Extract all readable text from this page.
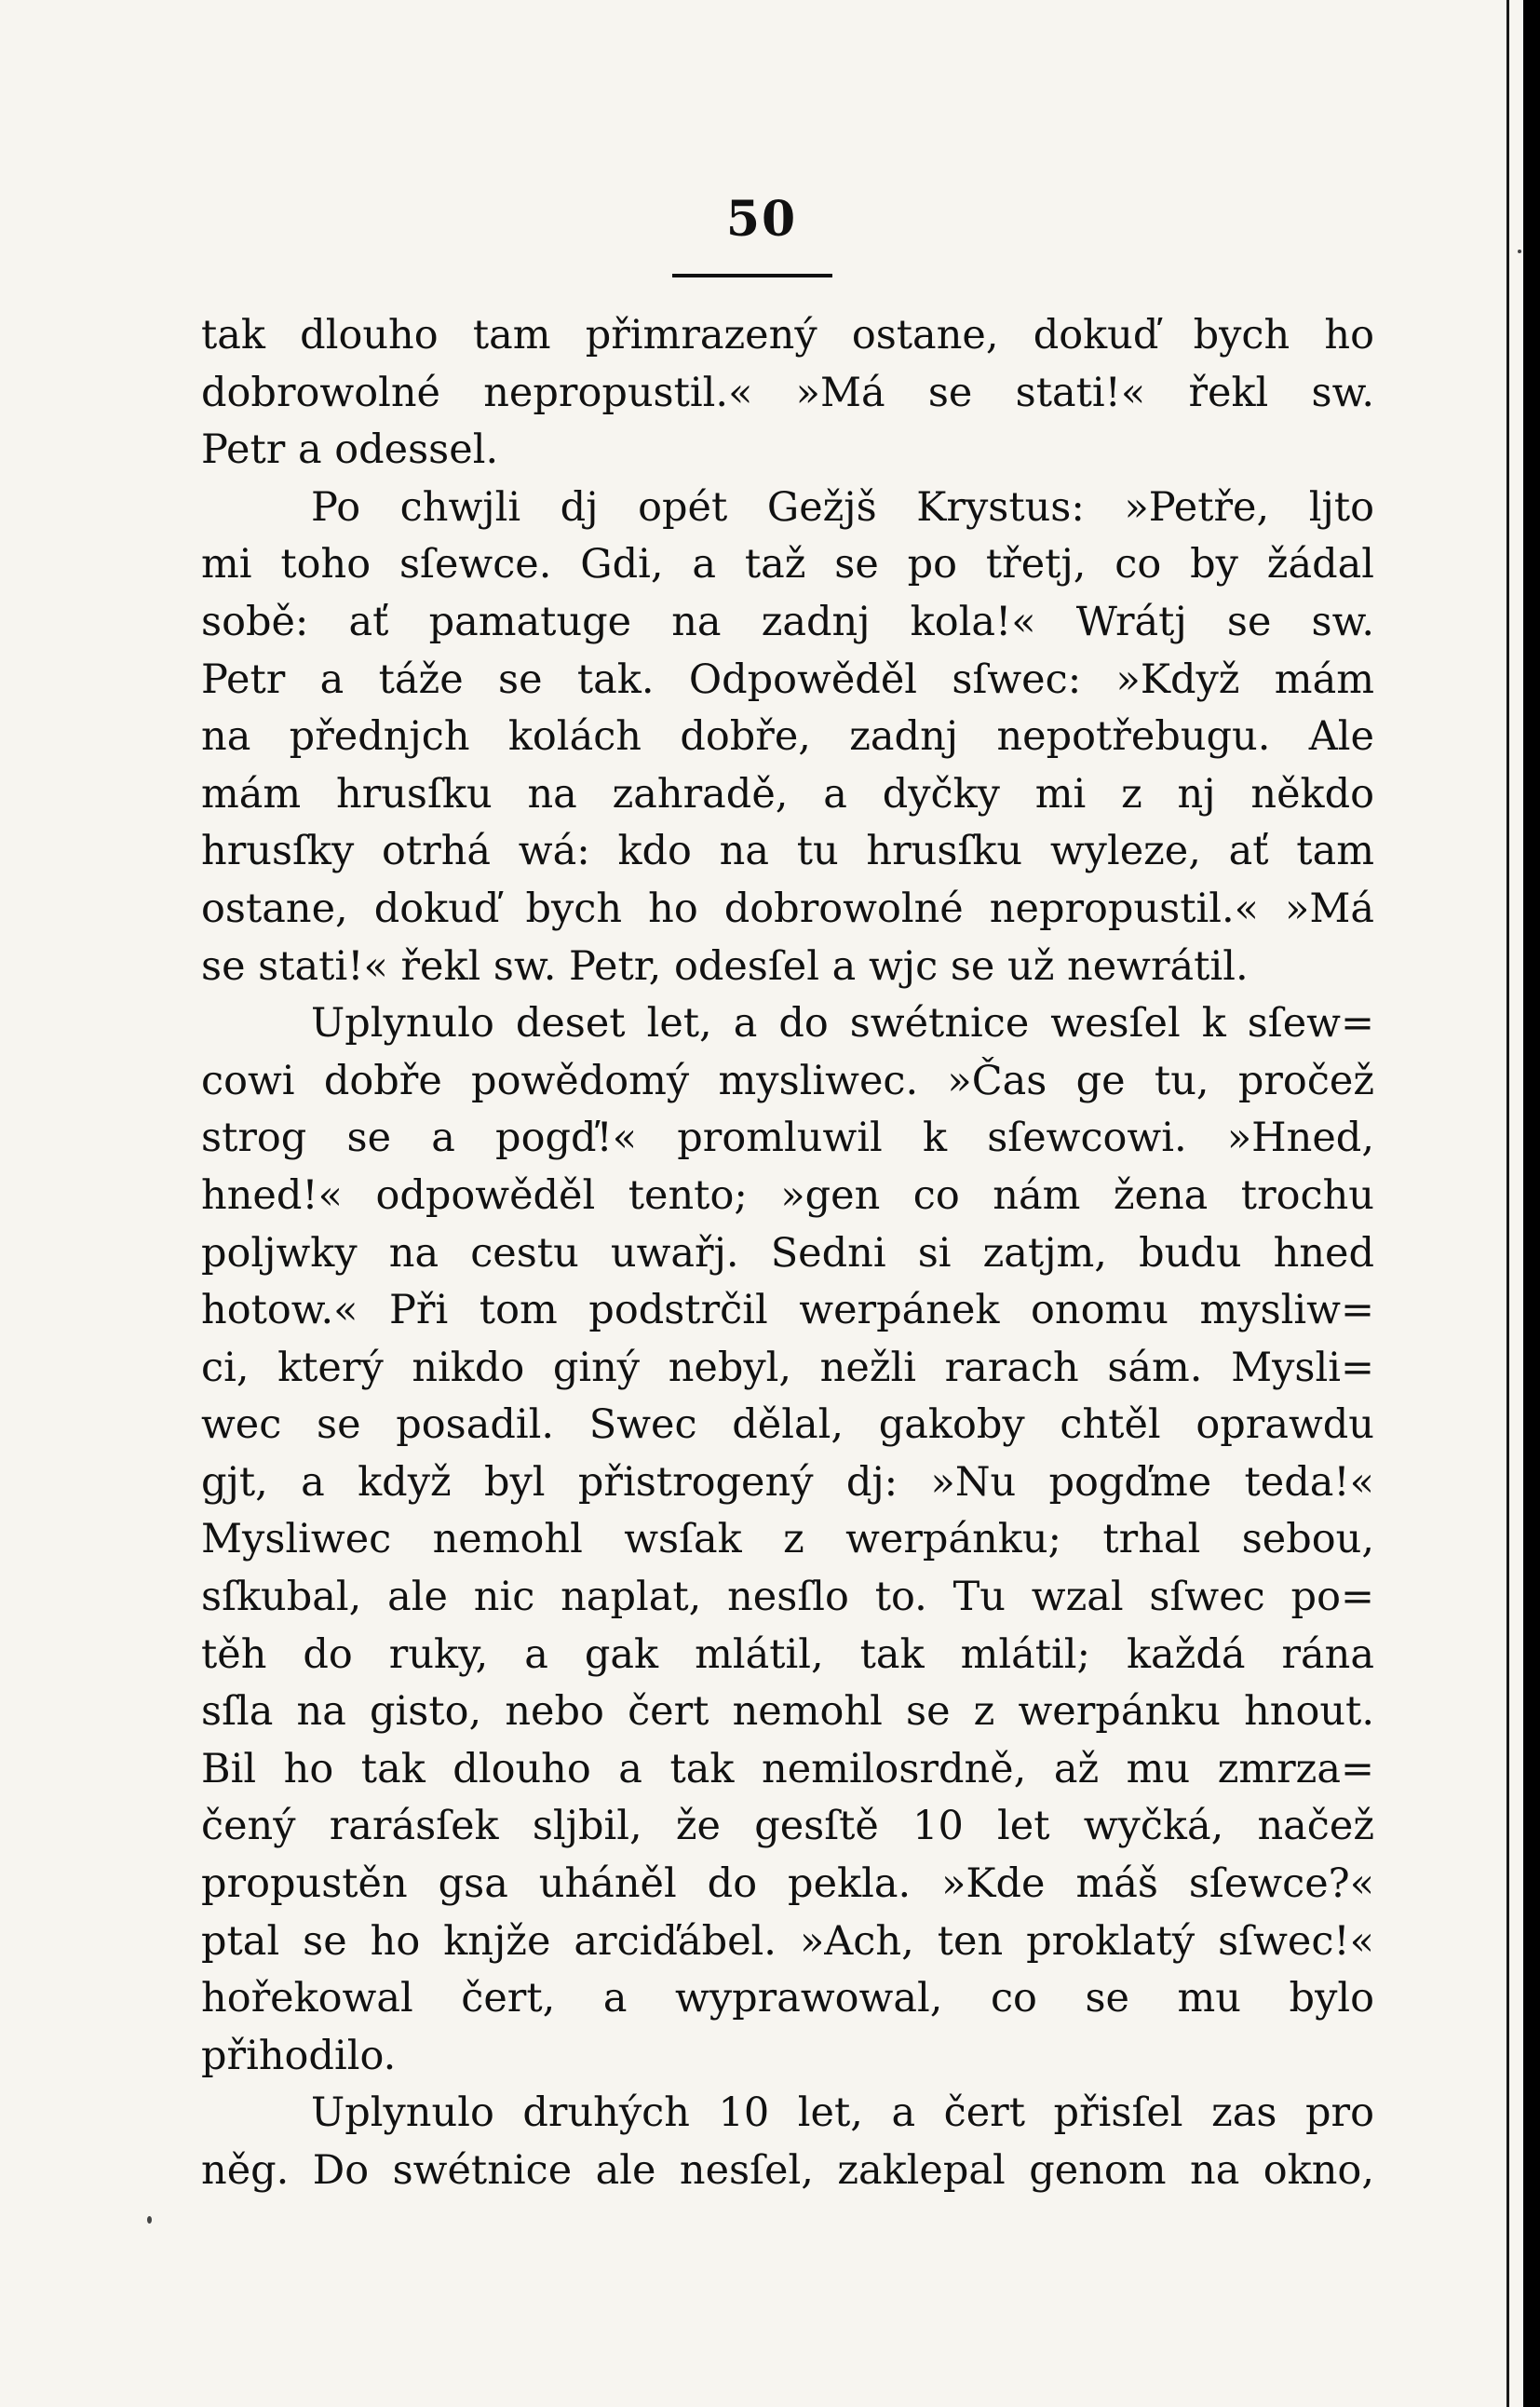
50

tak dlouho tam přimrazený ostane, dokuď bych ho
dobrowolné nepropustil.« »Má se stati!« řekl sw.
Petr a odessel.

Po chwjli dj opét Gežjš Krystus: »Petře, ljto
mi toho sſewce. Gdi, a taž se po třetj, co by žádal
sobě: ať pamatuge na zadnj kola!« Wrátj se sw.
Petr a táže se tak. Odpowěděl sſwec: »Když mám
na přednjch kolách dobře, zadnj nepotřebugu. Ale
mám hrusſku na zahradě, a dyčky mi z nj někdo
hrusſky otrhá wá: kdo na tu hrusſku wyleze, ať tam
ostane, dokuď bych ho dobrowolné nepropustil.« »Má
se stati!« řekl sw. Petr, odesſel a wjc se už newrátil.

Uplynulo deset let, a do swétnice wesſel k sſew=
cowi dobře powědomý mysliwec. »Čas ge tu, pročež
strog se a pogď!« promluwil k sſewcowi. »Hned,
hned!« odpowěděl tento; »gen co nám žena trochu
poljwky na cestu uwařj. Sedni si zatjm, budu hned
hotow.« Při tom podstrčil werpánek onomu mysliw=
ci, který nikdo giný nebyl, nežli rarach sám. Mysli=
wec se posadil. Swec dělal, gakoby chtěl oprawdu
gjt, a když byl přistrogený dj: »Nu pogďme teda!«
Mysliwec nemohl wsſak z werpánku; trhal sebou,
sſkubal, ale nic naplat, nesſlo to. Tu wzal sſwec po=
těh do ruky, a gak mlátil, tak mlátil; každá rána
sſla na gisto, nebo čert nemohl se z werpánku hnout.
Bil ho tak dlouho a tak nemilosrdně, až mu zmrza=
čený rarásſek sljbil, že gesſtě 10 let wyčká, načež
propustěn gsa uháněl do pekla. »Kde máš sſewce?«
ptal se ho knjže arciďábel. »Ach, ten proklatý sſwec!«
hořekowal čert, a wyprawowal, co se mu bylo
přihodilo.

Uplynulo druhých 10 let, a čert přisſel zas pro
něg. Do swétnice ale nesſel, zaklepal genom na okno,
